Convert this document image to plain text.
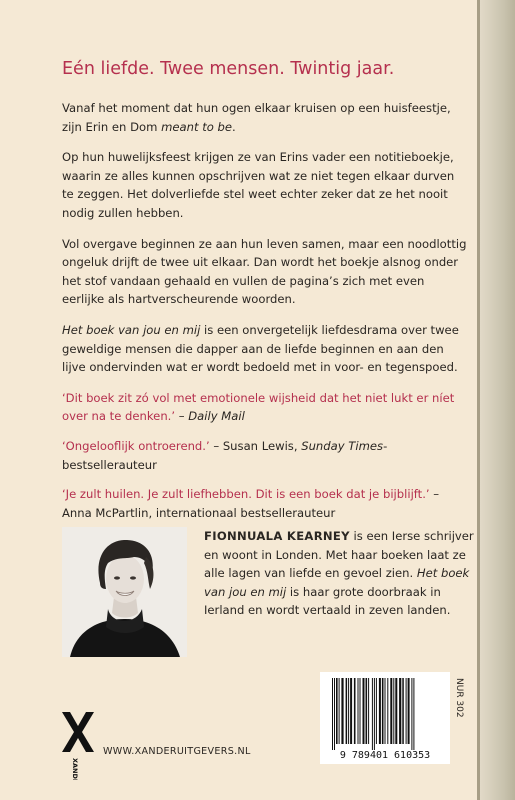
Eén liefde. Twee mensen. Twintig jaar.

Vanaf het moment dat hun ogen elkaar kruisen op een huisfeestje, zijn Erin en Dom meant to be.

Op hun huwelijksfeest krijgen ze van Erins vader een notitieboekje, waarin ze alles kunnen opschrijven wat ze niet tegen elkaar durven te zeggen. Het dolverliefde stel weet echter zeker dat ze het nooit nodig zullen hebben.

Vol overgave beginnen ze aan hun leven samen, maar een noodlottig ongeluk drijft de twee uit elkaar. Dan wordt het boekje alsnog onder het stof vandaan gehaald en vullen de pagina’s zich met even eerlijke als hartverscheurende woorden.

Het boek van jou en mij is een onvergetelijk liefdesdrama over twee geweldige mensen die dapper aan de liefde beginnen en aan den lijve ondervinden wat er wordt bedoeld met in voor- en tegenspoed.

‘Dit boek zit zó vol met emotionele wijsheid dat het niet lukt er níet over na te denken.’ – Daily Mail

‘Ongelooflijk ontroerend.’ – Susan Lewis, Sunday Times-bestsellerauteur

‘Je zult huilen. Je zult liefhebben. Dit is een boek dat je bijblijft.’ – Anna McPartlin, internationaal bestsellerauteur

FIONNUALA KEARNEY is een Ierse schrijver en woont in Londen. Met haar boeken laat ze alle lagen van liefde en gevoel zien. Het boek van jou en mij is haar grote doorbraak in Ierland en wordt vertaald in zeven landen.
9 789401 610353
NUR 302
XANDER
WWW.XANDERUITGEVERS.NL
